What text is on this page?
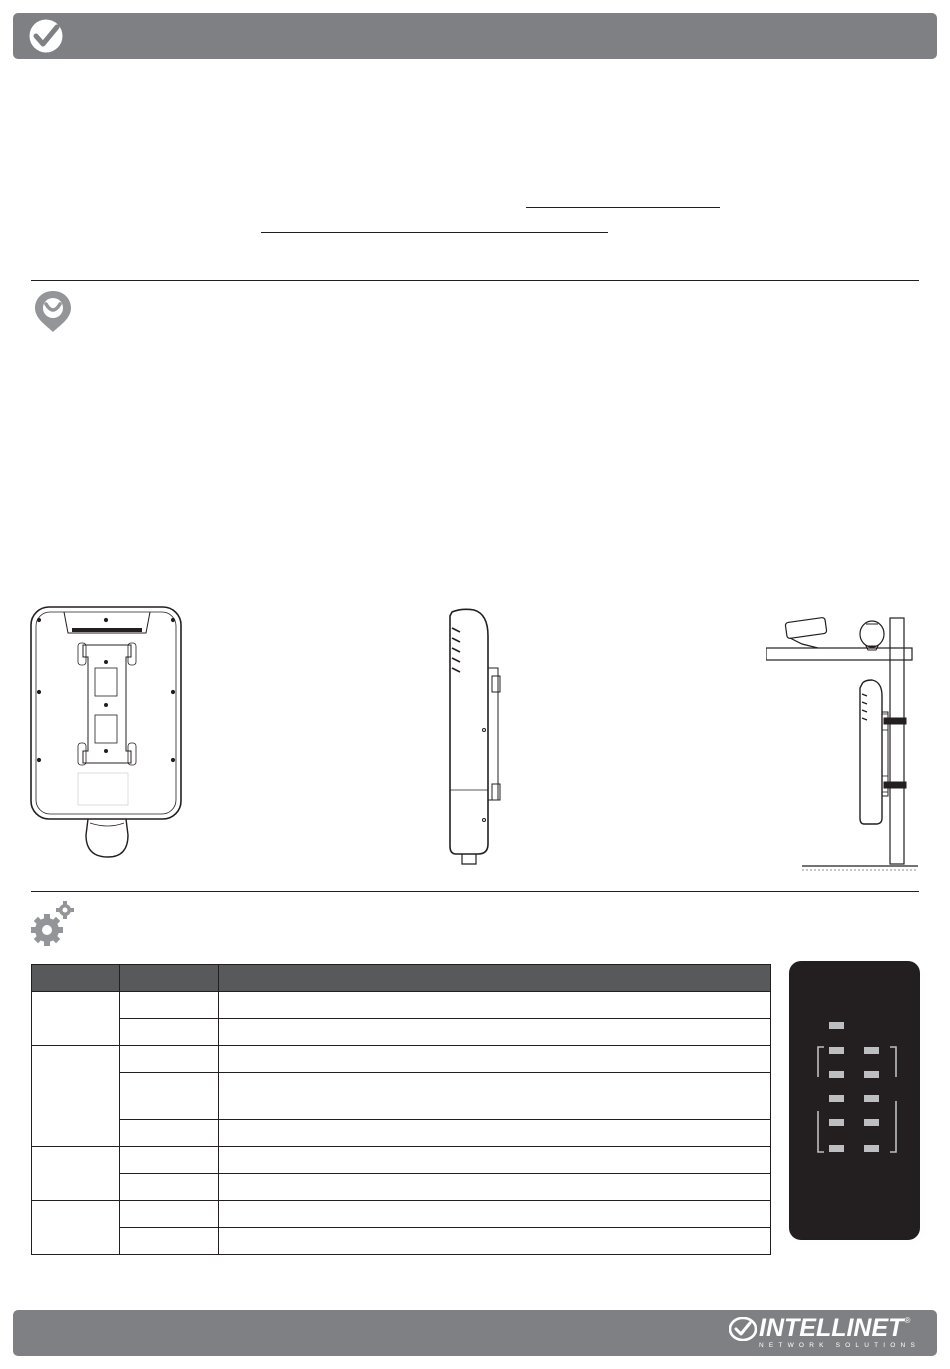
INTELLINET ®
NETWORK SOLUTIONS
